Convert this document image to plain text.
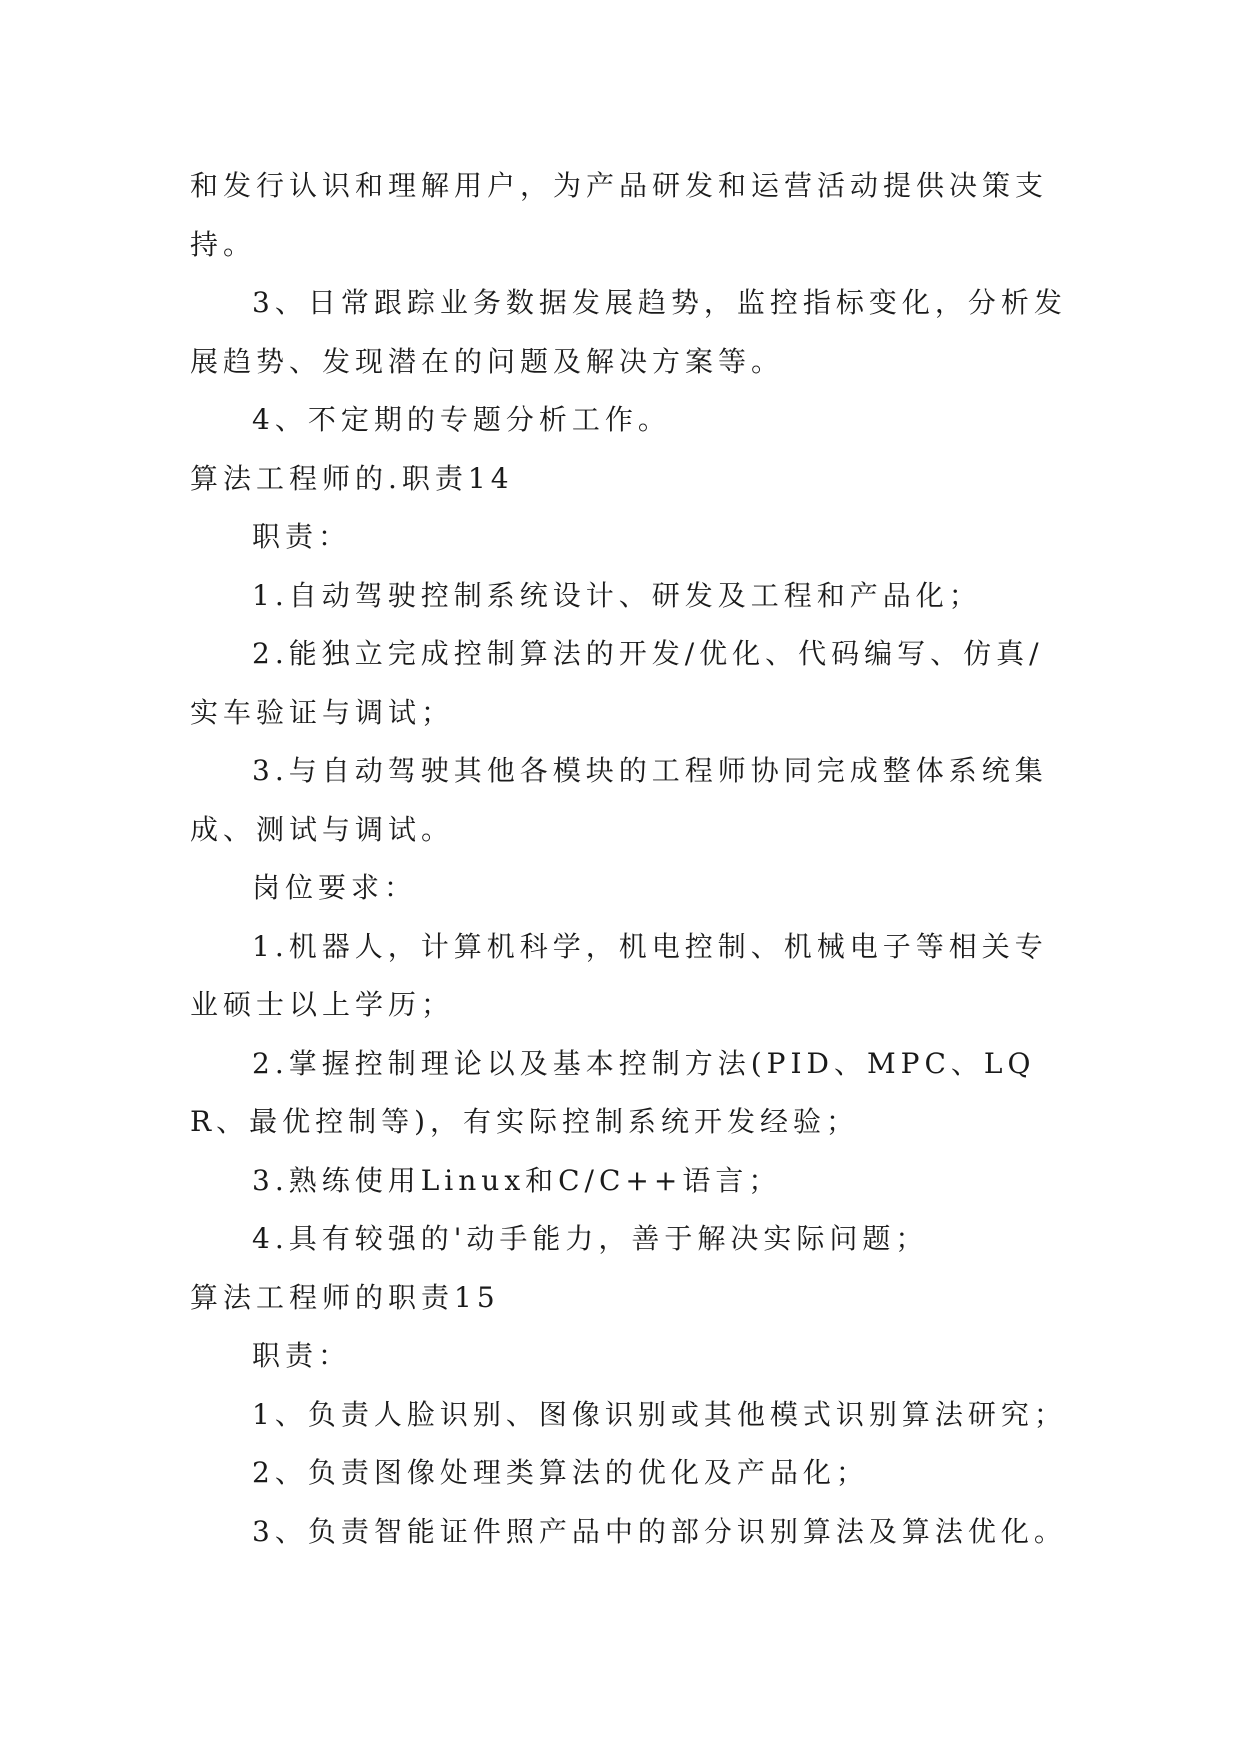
和发行认识和理解用户，为产品研发和运营活动提供决策支持。

3、日常跟踪业务数据发展趋势，监控指标变化，分析发展趋势、发现潜在的问题及解决方案等。

4、不定期的专题分析工作。

算法工程师的.职责14

职责：

1.自动驾驶控制系统设计、研发及工程和产品化；

2.能独立完成控制算法的开发/优化、代码编写、仿真/实车验证与调试；

3.与自动驾驶其他各模块的工程师协同完成整体系统集成、测试与调试。

岗位要求：

1.机器人，计算机科学，机电控制、机械电子等相关专业硕士以上学历；

2.掌握控制理论以及基本控制方法(PID、MPC、LQR、最优控制等)，有实际控制系统开发经验；

3.熟练使用Linux和C/C++语言；

4.具有较强的'动手能力，善于解决实际问题；

算法工程师的职责15

职责：

1、负责人脸识别、图像识别或其他模式识别算法研究；

2、负责图像处理类算法的优化及产品化；

3、负责智能证件照产品中的部分识别算法及算法优化。
